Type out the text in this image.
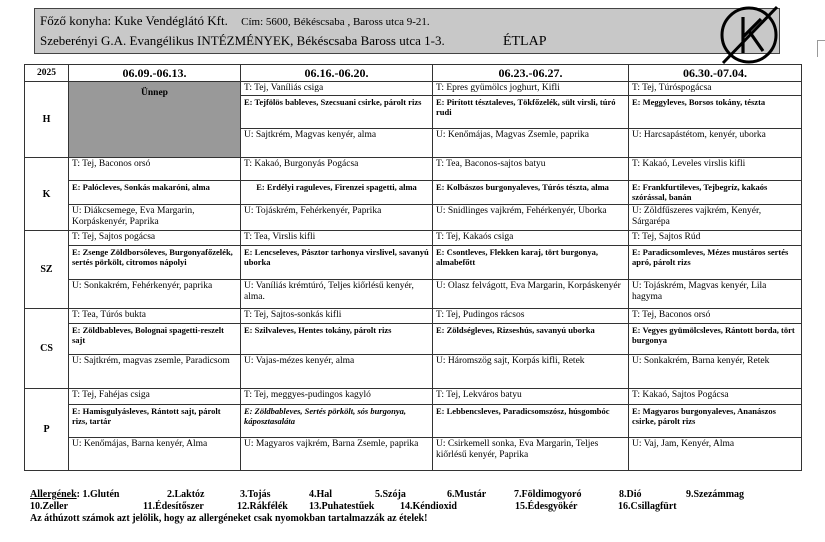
Főző konyha: Kuke Vendéglátó Kft. Cím: 5600, Békéscsaba , Baross utca 9-21.
Szeberényi G.A. Evangélikus INTÉZMÉNYEK, Békéscsaba Baross utca 1-3.	ÉTLAP
2025	06.09.-06.13.	06.16.-06.20.	06.23.-06.27.	06.30.-07.04.
H	Ünnep	T: Tej, Vaníliás csiga	T: Epres gyümölcs joghurt, Kifli	T: Tej, Túróspogácsa
		E: Tejfölös bableves, Szecsuani csirke, párolt rizs	E: Pirított tésztaleves, Tökfőzelék, sült virsli, túró rudi	E: Meggyleves, Borsos tokány, tészta
		U: Sajtkrém, Magvas kenyér, alma	U: Kenőmájas, Magvas Zsemle, paprika	U: Harcsapástétom, kenyér, uborka
K	T: Tej, Baconos orsó	T: Kakaó, Burgonyás Pogácsa	T: Tea, Baconos-sajtos batyu	T: Kakaó, Leveles virslis kifli
	E: Palócleves, Sonkás makaróni, alma	E: Erdélyi raguleves, Firenzei spagetti, alma	E: Kolbászos burgonyaleves, Túrós tészta, alma	E: Frankfurtileves, Tejbegríz, kakaós szórással, banán
	U: Diákcsemege, Eva Margarin, Korpáskenyér, Paprika	U: Tojáskrém, Fehérkenyér, Paprika	U: Snidlinges vajkrém, Fehérkenyér, Uborka	U: Zöldfűszeres vajkrém, Kenyér, Sárgarépa
SZ	T: Tej, Sajtos pogácsa	T: Tea, Virslis kifli	T: Tej, Kakaós csiga	T: Tej, Sajtos Rúd
	E: Zsenge Zöldborsóleves, Burgonyafőzelék, sertés pörkölt, citromos nápolyi	E: Lencseleves, Pásztor tarhonya virslivel, savanyú uborka	E: Csontleves, Flekken karaj, tört burgonya, almabefőtt	E: Paradicsomleves, Mézes mustáros sertés apró, párolt rizs
	U: Sonkakrém, Fehérkenyér, paprika	U: Vaníliás krémtúró, Teljes kiőrlésű kenyér, alma.	U: Olasz felvágott, Eva Margarin, Korpáskenyér	U: Tojáskrém, Magvas kenyér, Lila hagyma
CS	T: Tea, Túrós bukta	T: Tej, Sajtos-sonkás kifli	T: Tej, Pudingos rácsos	T: Tej, Baconos orsó
	E: Zöldbableves, Bolognai spagetti-reszelt sajt	E: Szilvaleves, Hentes tokány, párolt rizs	E: Zöldségleves, Rizseshús, savanyú uborka	E: Vegyes gyümölcsleves, Rántott borda, tört burgonya
	U: Sajtkrém, magvas zsemle, Paradicsom	U: Vajas-mézes kenyér, alma	U: Háromszög sajt, Korpás kifli, Retek	U: Sonkakrém, Barna kenyér, Retek
P	T: Tej, Fahéjas csiga	T: Tej, meggyes-pudingos kagyló	T: Tej, Lekváros batyu	T: Kakaó, Sajtos Pogácsa
	E: Hamisgulyásleves, Rántott sajt, párolt rizs, tartár	E: Zöldbableves, Sertés pörkölt, sós burgonya, káposztasaláta	E: Lebbencsleves, Paradicsomszósz, húsgombóc	E: Magyaros burgonyaleves, Ananászos csirke, párolt rizs
	U: Kenőmájas, Barna kenyér, Alma	U: Magyaros vajkrém, Barna Zsemle, paprika	U: Csirkemell sonka, Eva Margarin, Teljes kiőrlésű kenyér, Paprika	U: Vaj, Jam, Kenyér, Alma
Allergének: 1.Glutén	2.Laktóz	3.Tojás	4.Hal	5.Szója	6.Mustár	7.Földimogyoró	8.Dió	9.Szezámmag
10.Zeller	11.Édesítőszer	12.Rákfélék 13.Puhatestűek	14.Kéndioxid	15.Édesgyökér	16.Csillagfürt
Az áthúzott számok azt jelölik, hogy az allergéneket csak nyomokban tartalmazzák az ételek!
